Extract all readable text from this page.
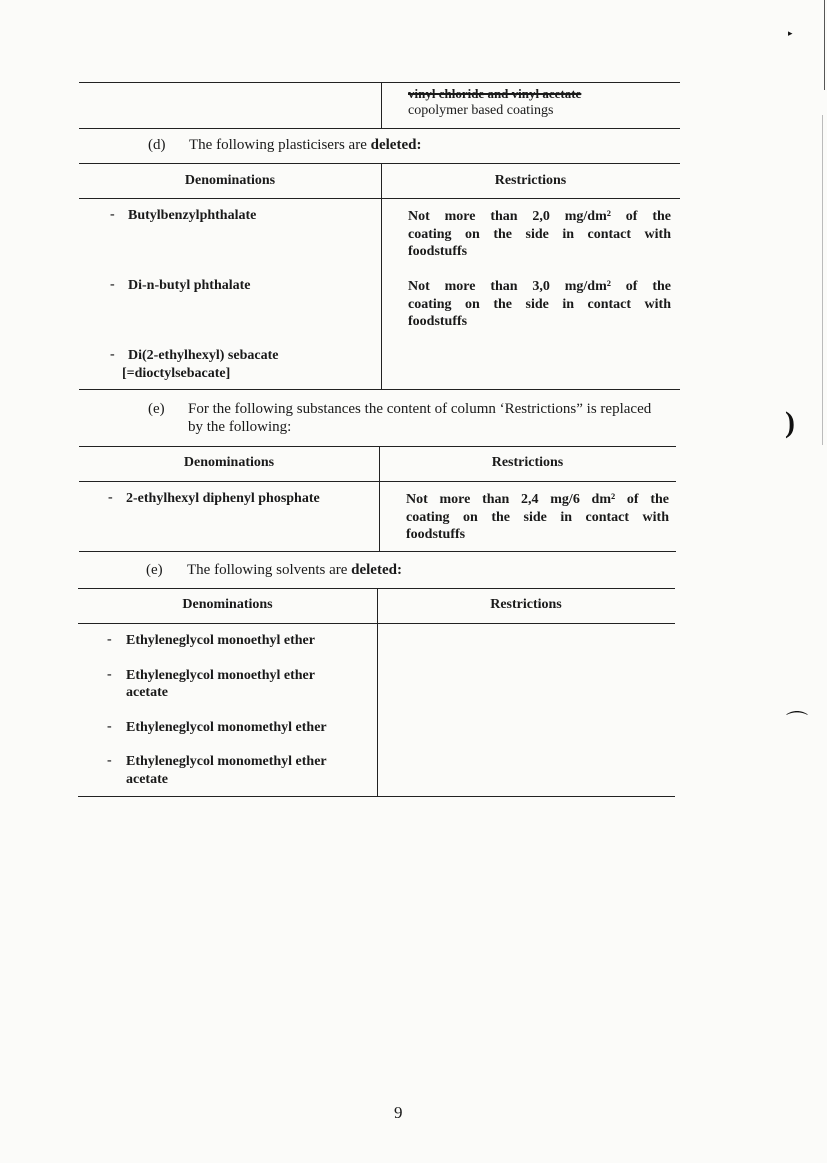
vinyl chloride and vinyl acetate
copolymer based coatings
(d) The following plasticisers are deleted:
Denominations	Restrictions
- Butylbenzylphthalate	Not more than 2,0 mg/dm² of the
coating on the side in contact with
foodstuffs
- Di-n-butyl phthalate	Not more than 3,0 mg/dm² of the
coating on the side in contact with
foodstuffs
- Di(2-ethylhexyl) sebacate
[=dioctylsebacate]
(e) For the following substances the content of column ‘Restrictions” is replaced
by the following:
Denominations	Restrictions
- 2-ethylhexyl diphenyl phosphate	Not more than 2,4 mg/6 dm² of the
coating on the side in contact with
foodstuffs
(e) The following solvents are deleted:
Denominations	Restrictions
- Ethyleneglycol monoethyl ether
- Ethyleneglycol monoethyl ether
acetate
- Ethyleneglycol monomethyl ether
- Ethyleneglycol monomethyl ether
acetate
9
)
⌒
▸
